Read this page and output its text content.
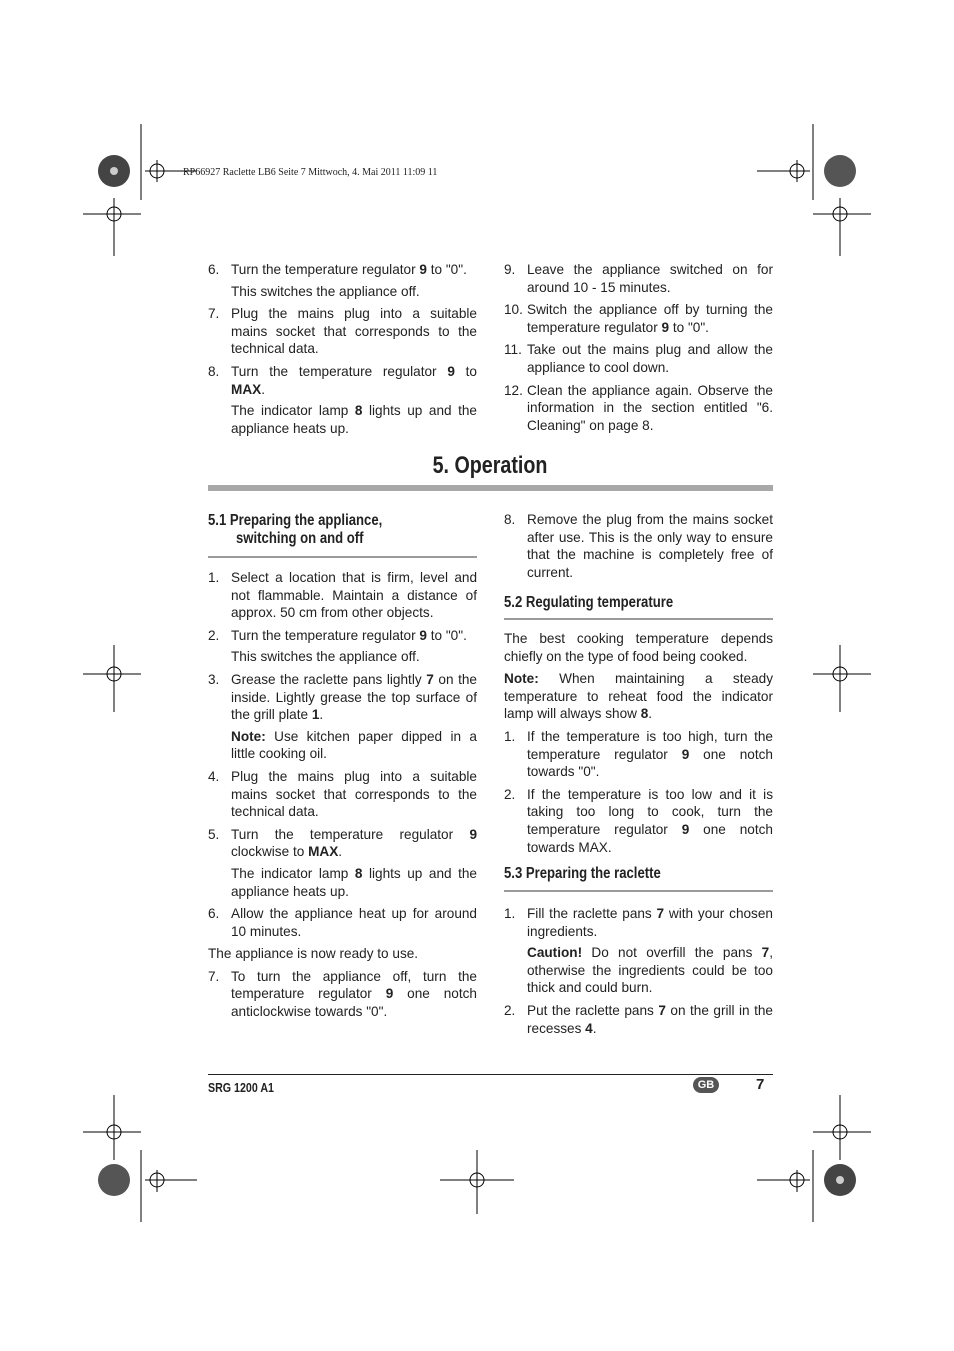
RP66927 Raclette LB6 Seite 7 Mittwoch, 4. Mai 2011 11:09 11
6. Turn the temperature regulator 9 to "0".
This switches the appliance off.
7. Plug the mains plug into a suitable mains socket that corresponds to the technical data.
8. Turn the temperature regulator 9 to MAX.
The indicator lamp 8 lights up and the appliance heats up.
9. Leave the appliance switched on for around 10 - 15 minutes.
10. Switch the appliance off by turning the temperature regulator 9 to "0".
11. Take out the mains plug and allow the appliance to cool down.
12. Clean the appliance again. Observe the information in the section entitled "6. Cleaning" on page 8.
5. Operation
5.1 Preparing the appliance,
switching on and off
1. Select a location that is firm, level and not flammable. Maintain a distance of approx. 50 cm from other objects.
2. Turn the temperature regulator 9 to "0".
This switches the appliance off.
3. Grease the raclette pans lightly 7 on the inside. Lightly grease the top surface of the grill plate 1.
Note: Use kitchen paper dipped in a little cooking oil.
4. Plug the mains plug into a suitable mains socket that corresponds to the technical data.
5. Turn the temperature regulator 9 clockwise to MAX.
The indicator lamp 8 lights up and the appliance heats up.
6. Allow the appliance heat up for around 10 minutes.
The appliance is now ready to use.
7. To turn the appliance off, turn the temperature regulator 9 one notch anticlockwise towards "0".
8. Remove the plug from the mains socket after use. This is the only way to ensure that the machine is completely free of current.
5.2 Regulating temperature
The best cooking temperature depends chiefly on the type of food being cooked.
Note: When maintaining a steady temperature to reheat food the indicator lamp will always show 8.
1. If the temperature is too high, turn the temperature regulator 9 one notch towards "0".
2. If the temperature is too low and it is taking too long to cook, turn the temperature regulator 9 one notch towards MAX.
5.3 Preparing the raclette
1. Fill the raclette pans 7 with your chosen ingredients.
Caution! Do not overfill the pans 7, otherwise the ingredients could be too thick and could burn.
2. Put the raclette pans 7 on the grill in the recesses 4.
SRG 1200 A1	GB	7
